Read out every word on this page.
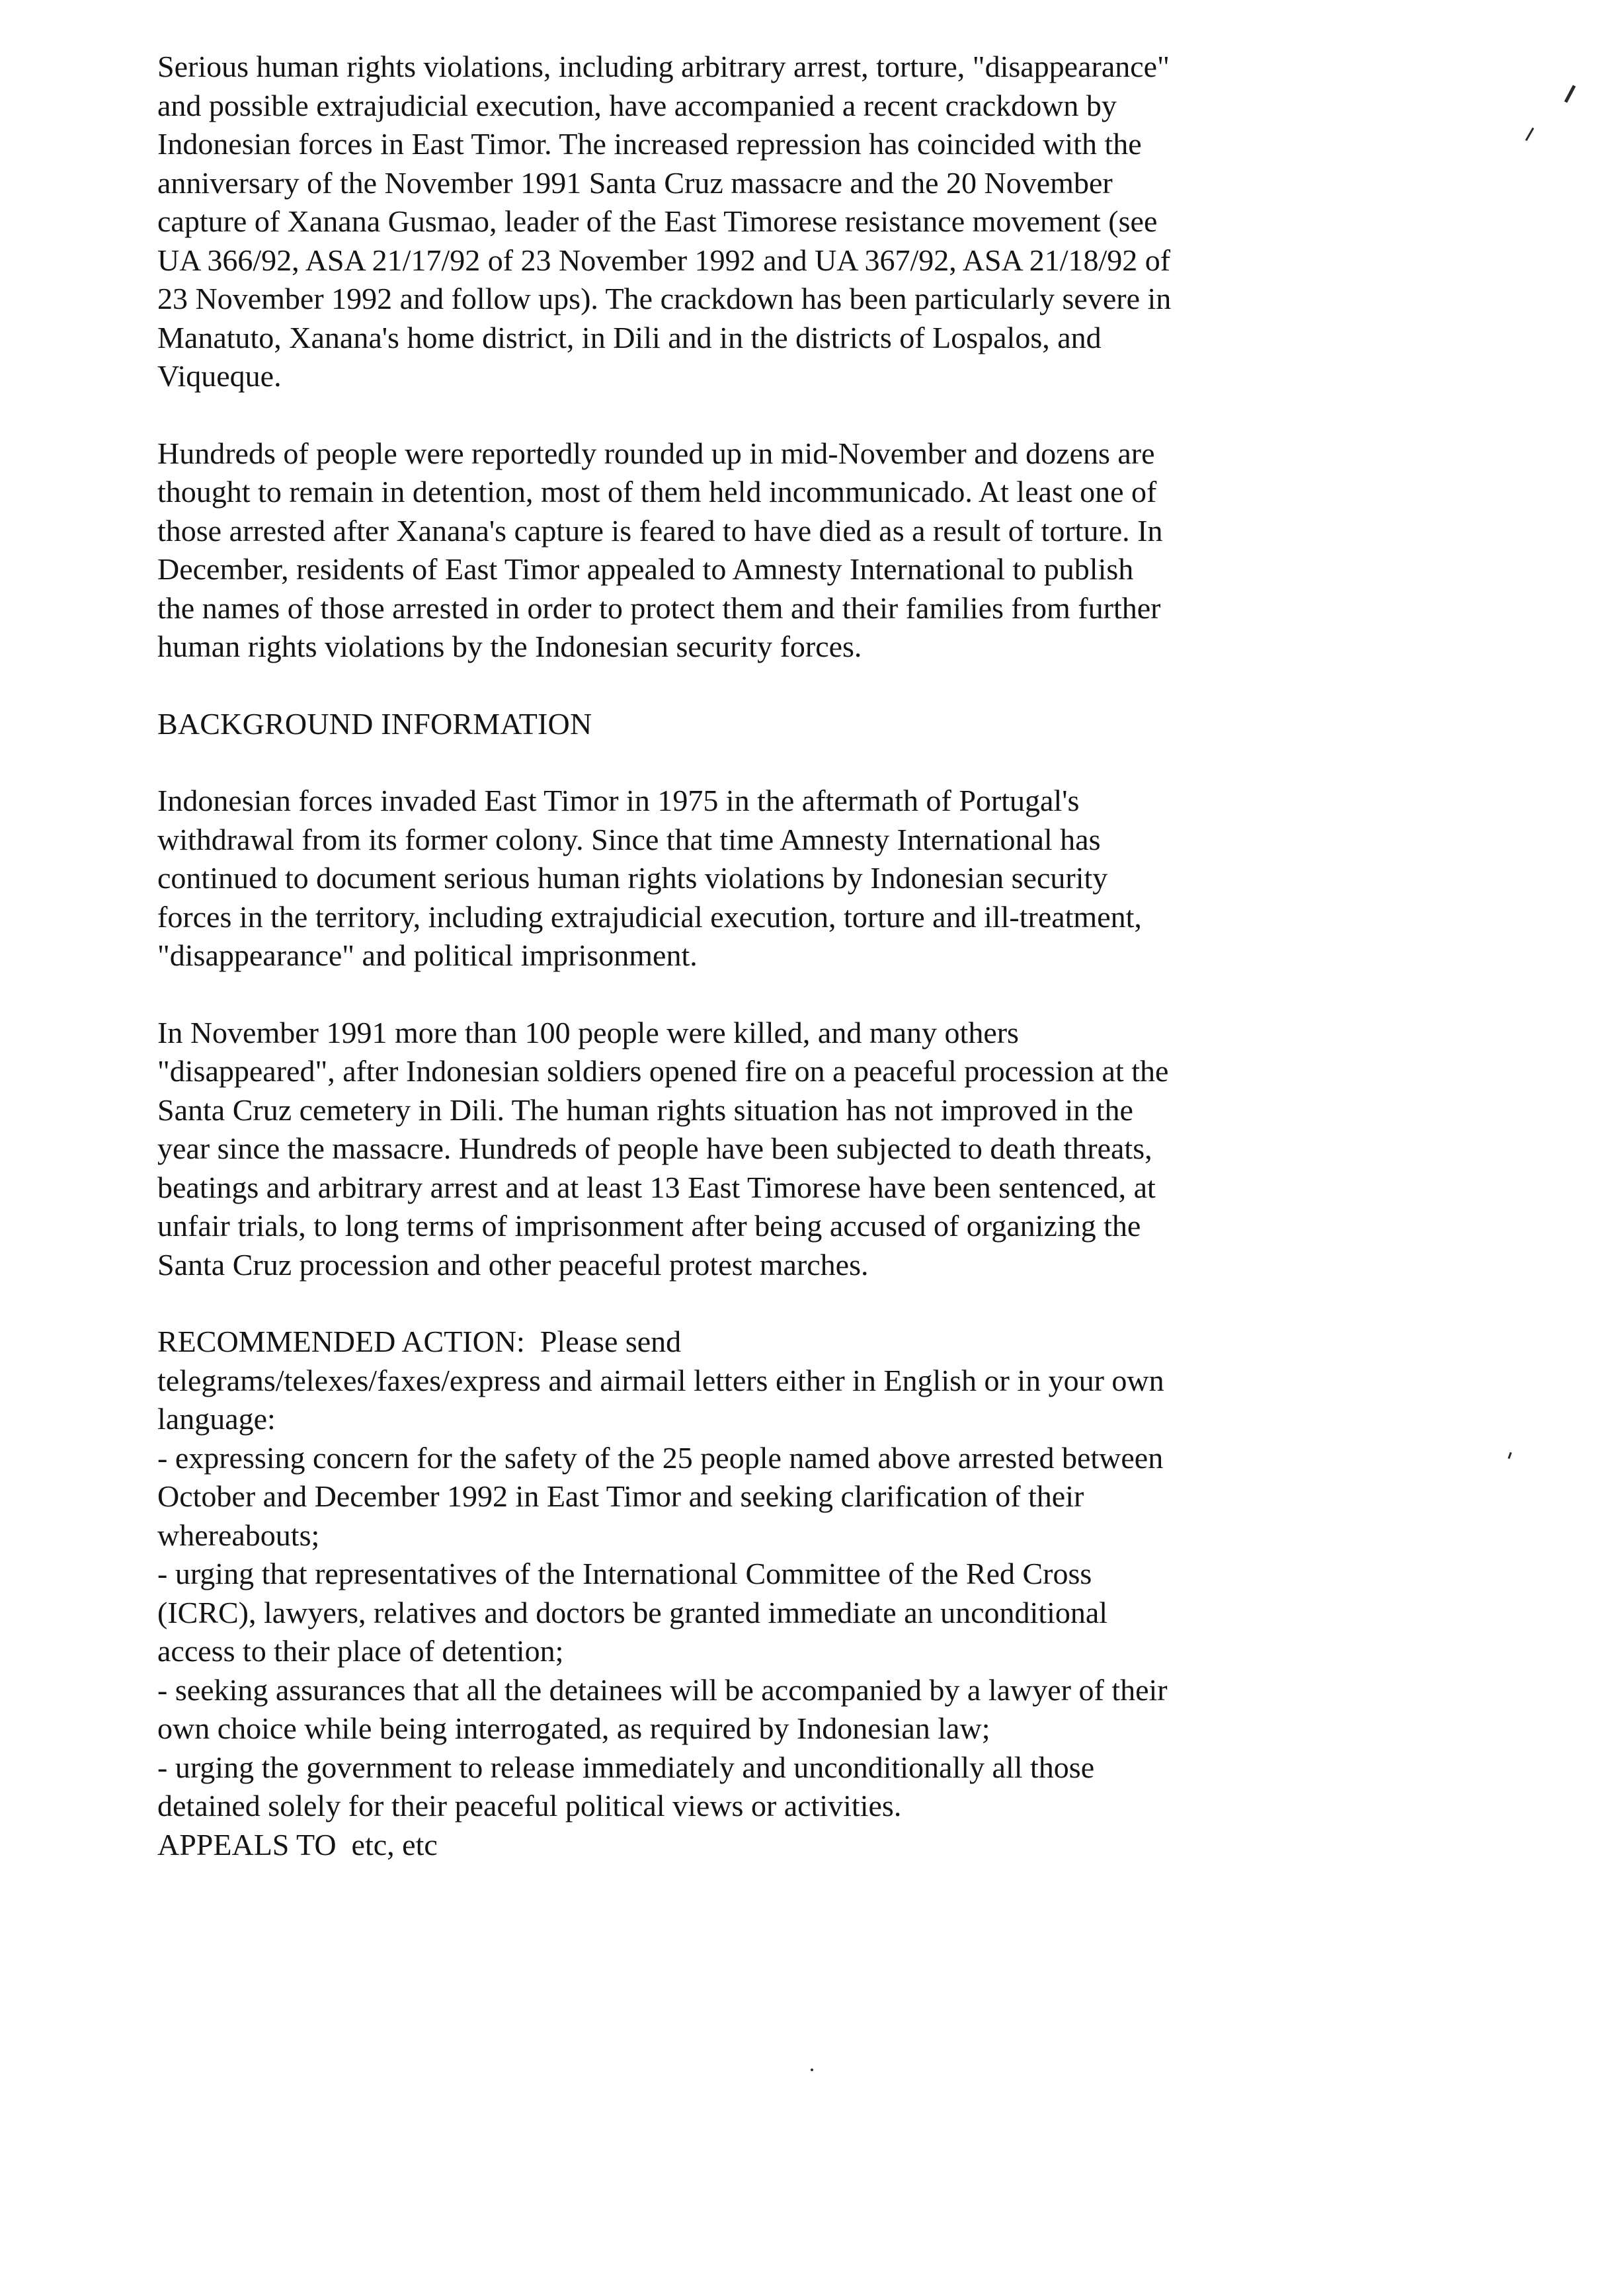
Serious human rights violations, including arbitrary arrest, torture, "disappearance" and possible extrajudicial execution, have accompanied a recent crackdown by Indonesian forces in East Timor. The increased repression has coincided with the anniversary of the November 1991 Santa Cruz massacre and the 20 November capture of Xanana Gusmao, leader of the East Timorese resistance movement (see UA 366/92, ASA 21/17/92 of 23 November 1992 and UA 367/92, ASA 21/18/92 of 23 November 1992 and follow ups). The crackdown has been particularly severe in Manatuto, Xanana's home district, in Dili and in the districts of Lospalos, and Viqueque.

Hundreds of people were reportedly rounded up in mid-November and dozens are thought to remain in detention, most of them held incommunicado. At least one of those arrested after Xanana's capture is feared to have died as a result of torture. In December, residents of East Timor appealed to Amnesty International to publish the names of those arrested in order to protect them and their families from further human rights violations by the Indonesian security forces.

BACKGROUND INFORMATION

Indonesian forces invaded East Timor in 1975 in the aftermath of Portugal's withdrawal from its former colony. Since that time Amnesty International has continued to document serious human rights violations by Indonesian security forces in the territory, including extrajudicial execution, torture and ill-treatment, "disappearance" and political imprisonment.

In November 1991 more than 100 people were killed, and many others "disappeared", after Indonesian soldiers opened fire on a peaceful procession at the Santa Cruz cemetery in Dili. The human rights situation has not improved in the year since the massacre. Hundreds of people have been subjected to death threats, beatings and arbitrary arrest and at least 13 East Timorese have been sentenced, at unfair trials, to long terms of imprisonment after being accused of organizing the Santa Cruz procession and other peaceful protest marches.

RECOMMENDED ACTION: Please send

telegrams/telexes/faxes/express and airmail letters either in English or in your own language:

- expressing concern for the safety of the 25 people named above arrested between October and December 1992 in East Timor and seeking clarification of their whereabouts;

- urging that representatives of the International Committee of the Red Cross (ICRC), lawyers, relatives and doctors be granted immediate an unconditional access to their place of detention;

- seeking assurances that all the detainees will be accompanied by a lawyer of their own choice while being interrogated, as required by Indonesian law;

- urging the government to release immediately and unconditionally all those detained solely for their peaceful political views or activities.

APPEALS TO etc, etc
